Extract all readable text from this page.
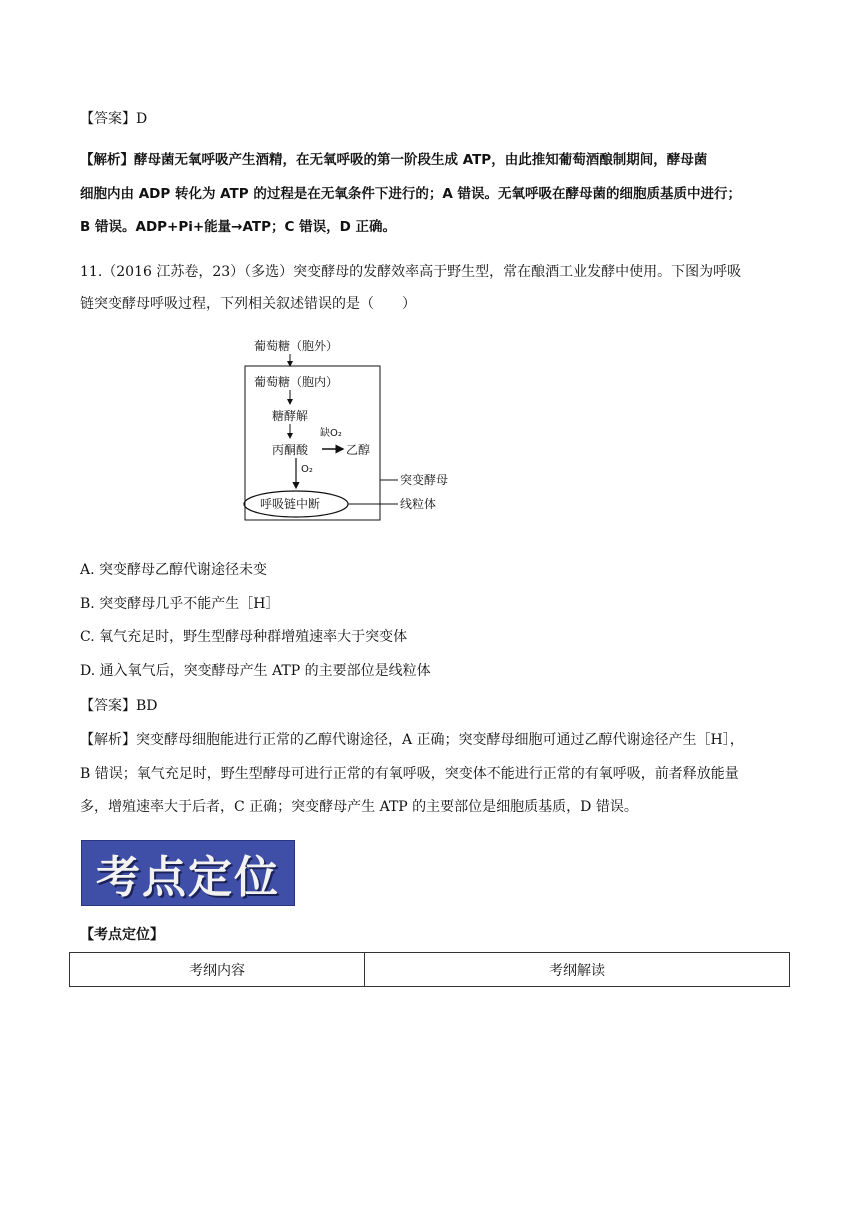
【答案】D
【解析】酵母菌无氧呼吸产生酒精，在无氧呼吸的第一阶段生成 ATP，由此推知葡萄酒酿制期间，酵母菌
细胞内由 ADP 转化为 ATP 的过程是在无氧条件下进行的；A 错误。无氧呼吸在酵母菌的细胞质基质中进行；
B 错误。ADP+Pi+能量→ATP；C 错误，D 正确。
11.（2016 江苏卷，23）（多选）突变酵母的发酵效率高于野生型，常在酿酒工业发酵中使用。下图为呼吸
链突变酵母呼吸过程，下列相关叙述错误的是（　　）
葡萄糖（胞外）
葡萄糖（胞内）
糖酵解
缺O₂
丙酮酸	乙醇
O₂
呼吸链中断
突变酵母
线粒体
A. 突变酵母乙醇代谢途径未变
B. 突变酵母几乎不能产生［H］
C. 氧气充足时，野生型酵母种群增殖速率大于突变体
D. 通入氧气后，突变酵母产生 ATP 的主要部位是线粒体
【答案】BD
【解析】突变酵母细胞能进行正常的乙醇代谢途径，A 正确；突变酵母细胞可通过乙醇代谢途径产生［H］，
B 错误；氧气充足时，野生型酵母可进行正常的有氧呼吸，突变体不能进行正常的有氧呼吸，前者释放能量
多，增殖速率大于后者，C 正确；突变酵母产生 ATP 的主要部位是细胞质基质，D 错误。
考点定位
【考点定位】
考纲内容	考纲解读
